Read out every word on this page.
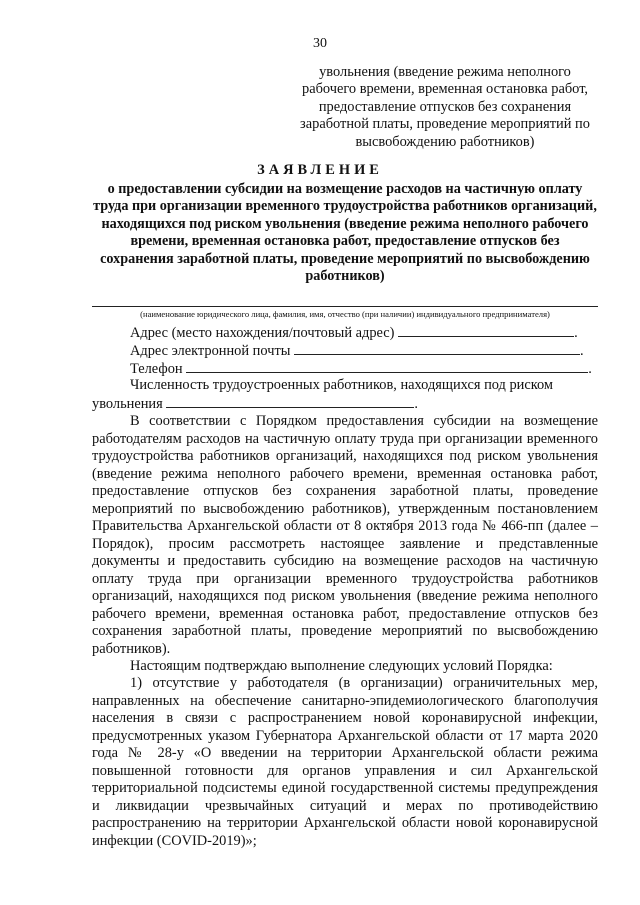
30
увольнения (введение режима неполного рабочего времени, временная остановка работ, предоставление отпусков без сохранения заработной платы, проведение мероприятий по высвобождению работников)
ЗАЯВЛЕНИЕ
о предоставлении субсидии на возмещение расходов на частичную оплату труда при организации временного трудоустройства работников организаций, находящихся под риском увольнения (введение режима неполного рабочего времени, временная остановка работ, предоставление отпусков без сохранения заработной платы, проведение мероприятий по высвобождению работников)
(наименование юридического лица, фамилия, имя, отчество (при наличии) индивидуального предпринимателя)
Адрес (место нахождения/почтовый адрес)	.
Адрес электронной почты	.
Телефон	.
Численность трудоустроенных работников, находящихся под риском
увольнения	.
В соответствии с Порядком предоставления субсидии на возмещение работодателям расходов на частичную оплату труда при организации временного трудоустройства работников организаций, находящихся под риском увольнения (введение режима неполного рабочего времени, временная остановка работ, предоставление отпусков без сохранения заработной платы, проведение мероприятий по высвобождению работников), утвержденным постановлением Правительства Архангельской области от 8 октября 2013 года № 466-пп (далее – Порядок), просим рассмотреть настоящее заявление и представленные документы и предоставить субсидию на возмещение расходов на частичную оплату труда при организации временного трудоустройства работников организаций, находящихся под риском увольнения (введение режима неполного рабочего времени, временная остановка работ, предоставление отпусков без сохранения заработной платы, проведение мероприятий по высвобождению работников).
Настоящим подтверждаю выполнение следующих условий Порядка:
1) отсутствие у работодателя (в организации) ограничительных мер, направленных на обеспечение санитарно-эпидемиологического благополучия населения в связи с распространением новой коронавирусной инфекции, предусмотренных указом Губернатора Архангельской области от 17 марта 2020 года № 28-у «О введении на территории Архангельской области режима повышенной готовности для органов управления и сил Архангельской территориальной подсистемы единой государственной системы предупреждения и ликвидации чрезвычайных ситуаций и мерах по противодействию распространению на территории Архангельской области новой коронавирусной инфекции (COVID-2019)»;
